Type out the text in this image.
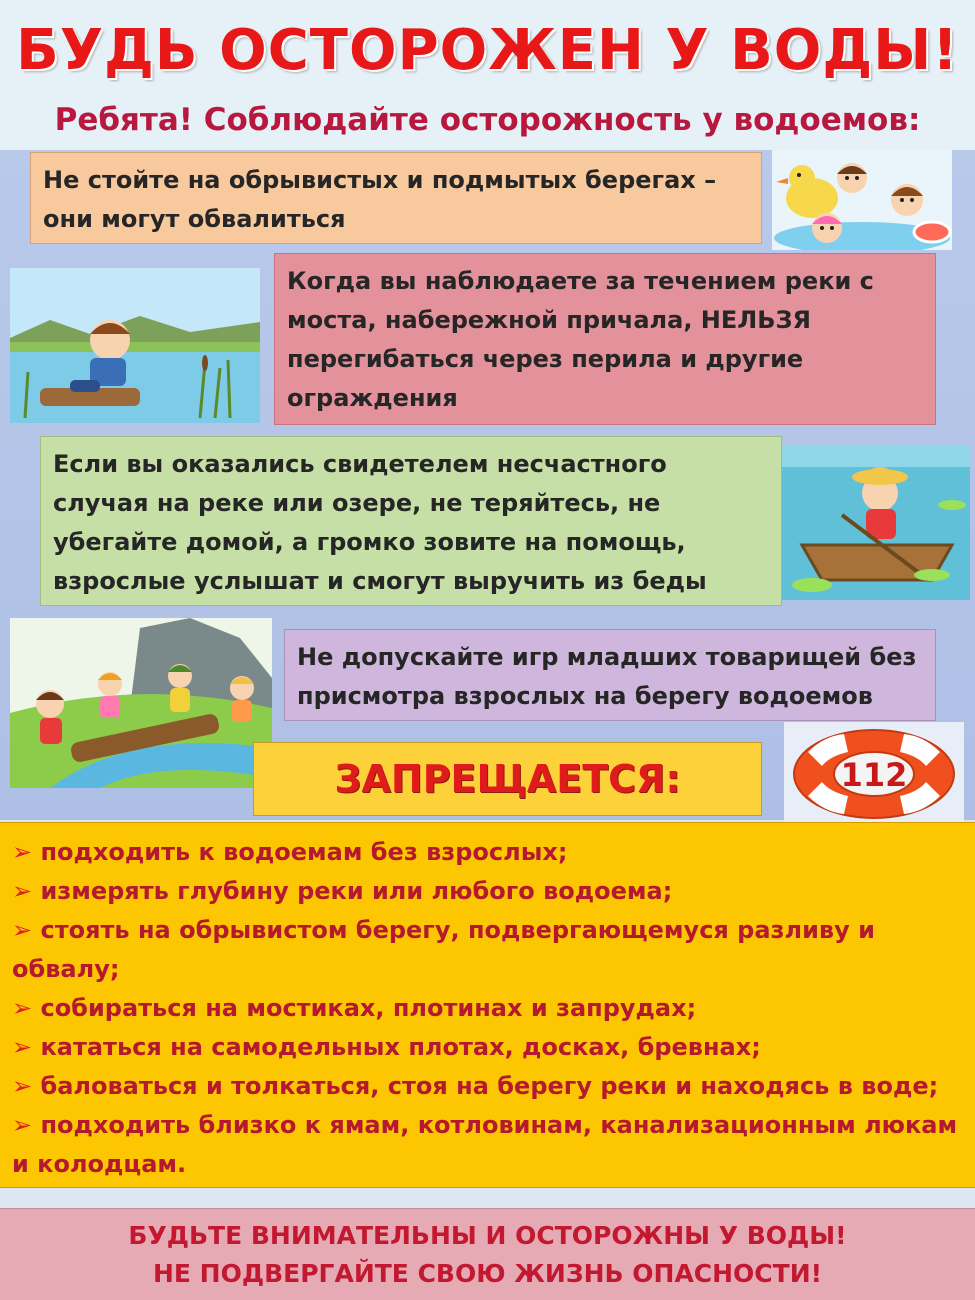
БУДЬ ОСТОРОЖЕН У ВОДЫ!
Ребята! Соблюдайте осторожность у водоемов:
Не стойте на обрывистых и подмытых берегах – они могут обвалиться
Когда вы наблюдаете за течением реки с моста, набережной причала, НЕЛЬЗЯ перегибаться через перила и другие ограждения
Если вы оказались свидетелем несчастного случая на реке или озере, не теряйтесь, не убегайте домой, а громко зовите на помощь, взрослые услышат и смогут выручить из беды
Не допускайте игр младших товарищей без присмотра взрослых на берегу водоемов
ЗАПРЕЩАЕТСЯ:	112
➢ подходить к водоемам без взрослых;
➢ измерять глубину реки или любого водоема;
➢ стоять на обрывистом берегу, подвергающемуся разливу и обвалу;
➢ собираться на мостиках, плотинах и запрудах;
➢ кататься на самодельных плотах, досках, бревнах;
➢ баловаться и толкаться, стоя на берегу реки и находясь в воде;
➢ подходить близко к ямам, котловинам, канализационным люкам и колодцам.
БУДЬТЕ ВНИМАТЕЛЬНЫ И ОСТОРОЖНЫ У ВОДЫ!
НЕ ПОДВЕРГАЙТЕ СВОЮ ЖИЗНЬ ОПАСНОСТИ!
